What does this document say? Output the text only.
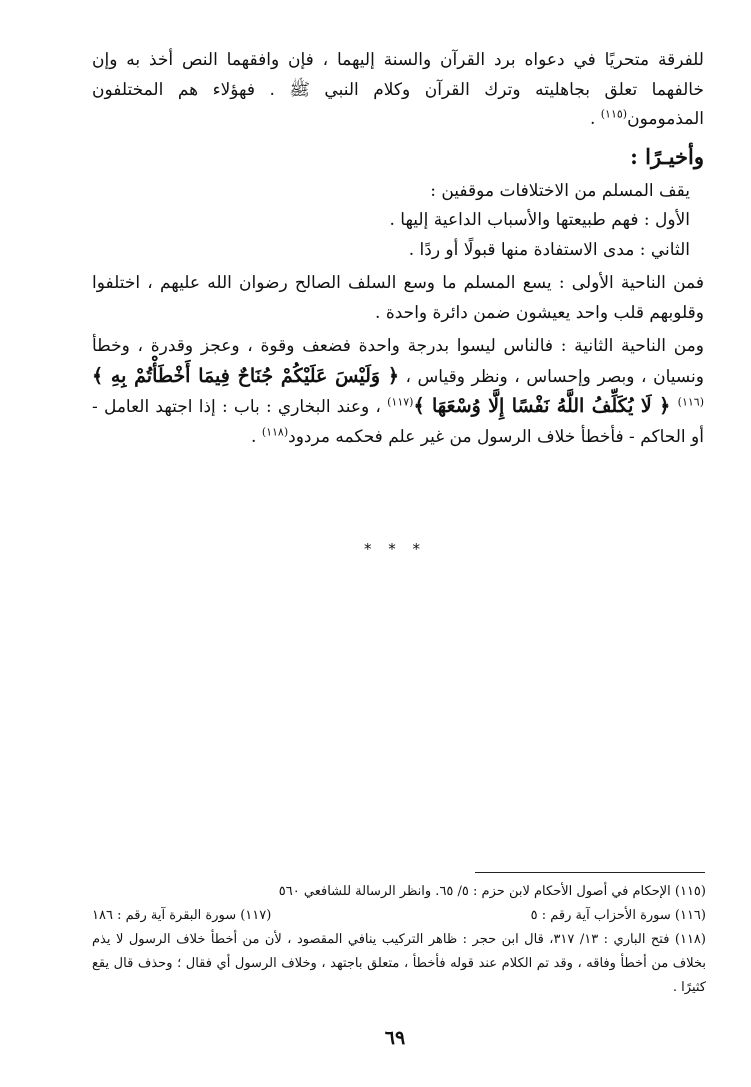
للفرقة متحريًا في دعواه برد القرآن والسنة إليهما ، فإن وافقهما النص أخذ به وإن خالفهما تعلق بجاهليته وترك القرآن وكلام النبي ﷺ . فهؤلاء هم المختلفون المذمومون$^{(١١٥)}$ .

وأخيـرًا :

يقف المسلم من الاختلافات موقفين :

الأول : فهم طبيعتها والأسباب الداعية إليها .

الثاني : مدى الاستفادة منها قبولًا أو ردًا .

فمن الناحية الأولى : يسع المسلم ما وسع السلف الصالح رضوان الله عليهم ، اختلفوا وقلوبهم قلب واحد يعيشون ضمن دائرة واحدة .

ومن الناحية الثانية : فالناس ليسوا بدرجة واحدة فضعف وقوة ، وعجز وقدرة ، وخطأ ونسيان ، وبصر وإحساس ، ونظر وقياس ، ﴿ وَلَيْسَ عَلَيْكُمْ جُنَاحٌ فِيمَا أَخْطَأْتُمْ بِهِ ﴾$^{(١١٦)}$ ﴿ لَا يُكَلِّفُ اللَّهُ نَفْسًا إِلَّا وُسْعَهَا ﴾$^{(١١٧)}$ ، وعند البخاري : باب : إذا اجتهد العامل - أو الحاكم - فأخطأ خلاف الرسول من غير علم فحكمه مردود$^{(١١٨)}$ .

* * *

(١١٥) الإحكام في أصول الأحكام لابن حزم : ٥/ ٦٥. وانظر الرسالة للشافعي ٥٦٠

(١١٦) سورة الأحزاب آية رقم : ٥
(١١٧) سورة البقرة آية رقم : ١٨٦

(١١٨) فتح الباري : ١٣/ ٣١٧، قال ابن حجر : ظاهر التركيب ينافي المقصود ، لأن من أخطأ خلاف الرسول لا يذم بخلاف من أخطأ وفاقه ، وقد تم الكلام عند قوله فأخطأ ، متعلق باجتهد ، وخلاف الرسول أي فقال ؛ وحذف قال يقع كثيرًا .

٦٩
